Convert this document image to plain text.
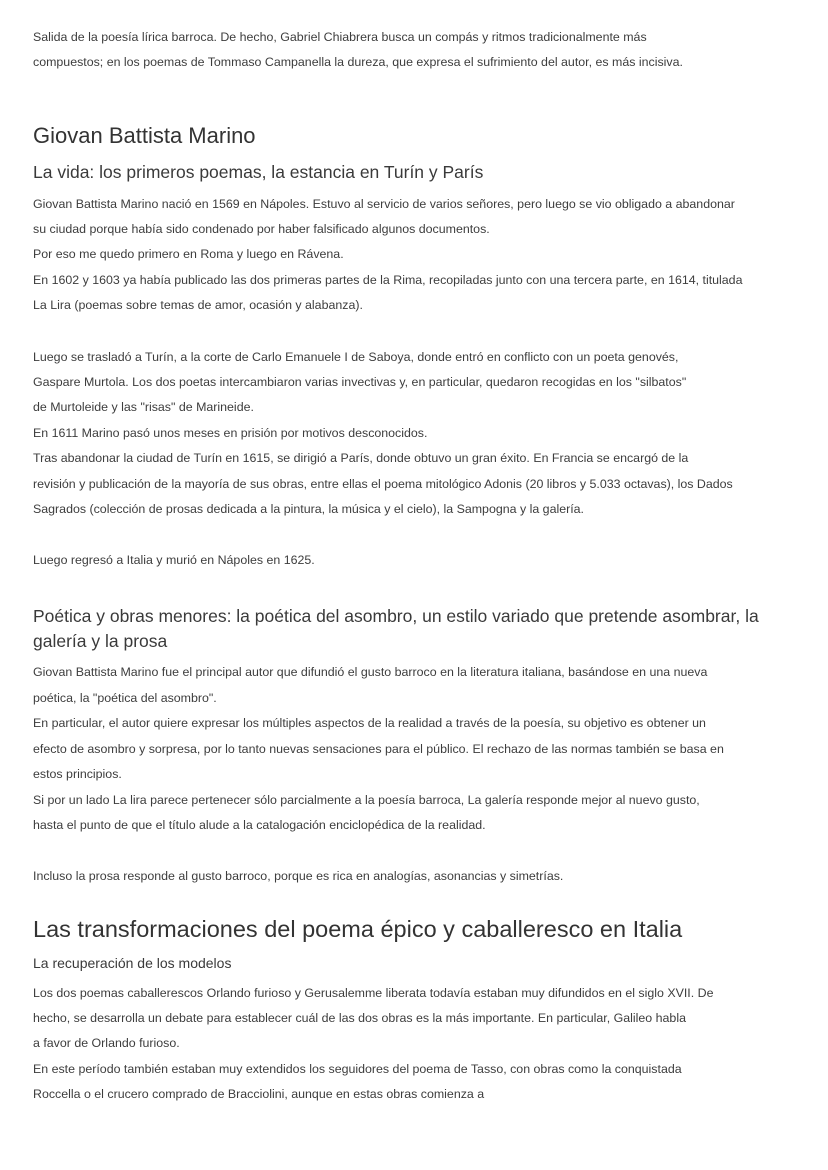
Salida de la poesía lírica barroca. De hecho, Gabriel Chiabrera busca un compás y ritmos tradicionalmente más
compuestos; en los poemas de Tommaso Campanella la dureza, que expresa el sufrimiento del autor, es más incisiva.
Giovan Battista Marino
La vida: los primeros poemas, la estancia en Turín y París
Giovan Battista Marino nació en 1569 en Nápoles. Estuvo al servicio de varios señores, pero luego se vio obligado a abandonar
su ciudad porque había sido condenado por haber falsificado algunos documentos.
Por eso me quedo primero en Roma y luego en Rávena.
En 1602 y 1603 ya había publicado las dos primeras partes de la Rima, recopiladas junto con una tercera parte, en 1614, titulada
La Lira (poemas sobre temas de amor, ocasión y alabanza).
Luego se trasladó a Turín, a la corte de Carlo Emanuele I de Saboya, donde entró en conflicto con un poeta genovés,
Gaspare Murtola. Los dos poetas intercambiaron varias invectivas y, en particular, quedaron recogidas en los "silbatos"
de Murtoleide y las "risas" de Marineide.
En 1611 Marino pasó unos meses en prisión por motivos desconocidos.
Tras abandonar la ciudad de Turín en 1615, se dirigió a París, donde obtuvo un gran éxito. En Francia se encargó de la
revisión y publicación de la mayoría de sus obras, entre ellas el poema mitológico Adonis (20 libros y 5.033 octavas), los Dados
Sagrados (colección de prosas dedicada a la pintura, la música y el cielo), la Sampogna y la galería.
Luego regresó a Italia y murió en Nápoles en 1625.
Poética y obras menores: la poética del asombro, un estilo variado que pretende asombrar, la
galería y la prosa
Giovan Battista Marino fue el principal autor que difundió el gusto barroco en la literatura italiana, basándose en una nueva
poética, la "poética del asombro".
En particular, el autor quiere expresar los múltiples aspectos de la realidad a través de la poesía, su objetivo es obtener un
efecto de asombro y sorpresa, por lo tanto nuevas sensaciones para el público. El rechazo de las normas también se basa en
estos principios.
Si por un lado La lira parece pertenecer sólo parcialmente a la poesía barroca, La galería responde mejor al nuevo gusto,
hasta el punto de que el título alude a la catalogación enciclopédica de la realidad.
Incluso la prosa responde al gusto barroco, porque es rica en analogías, asonancias y simetrías.
Las transformaciones del poema épico y caballeresco en Italia
La recuperación de los modelos
Los dos poemas caballerescos Orlando furioso y Gerusalemme liberata todavía estaban muy difundidos en el siglo XVII. De
hecho, se desarrolla un debate para establecer cuál de las dos obras es la más importante. En particular, Galileo habla
a favor de Orlando furioso.
En este período también estaban muy extendidos los seguidores del poema de Tasso, con obras como la conquistada
Roccella o el crucero comprado de Bracciolini, aunque en estas obras comienza a
